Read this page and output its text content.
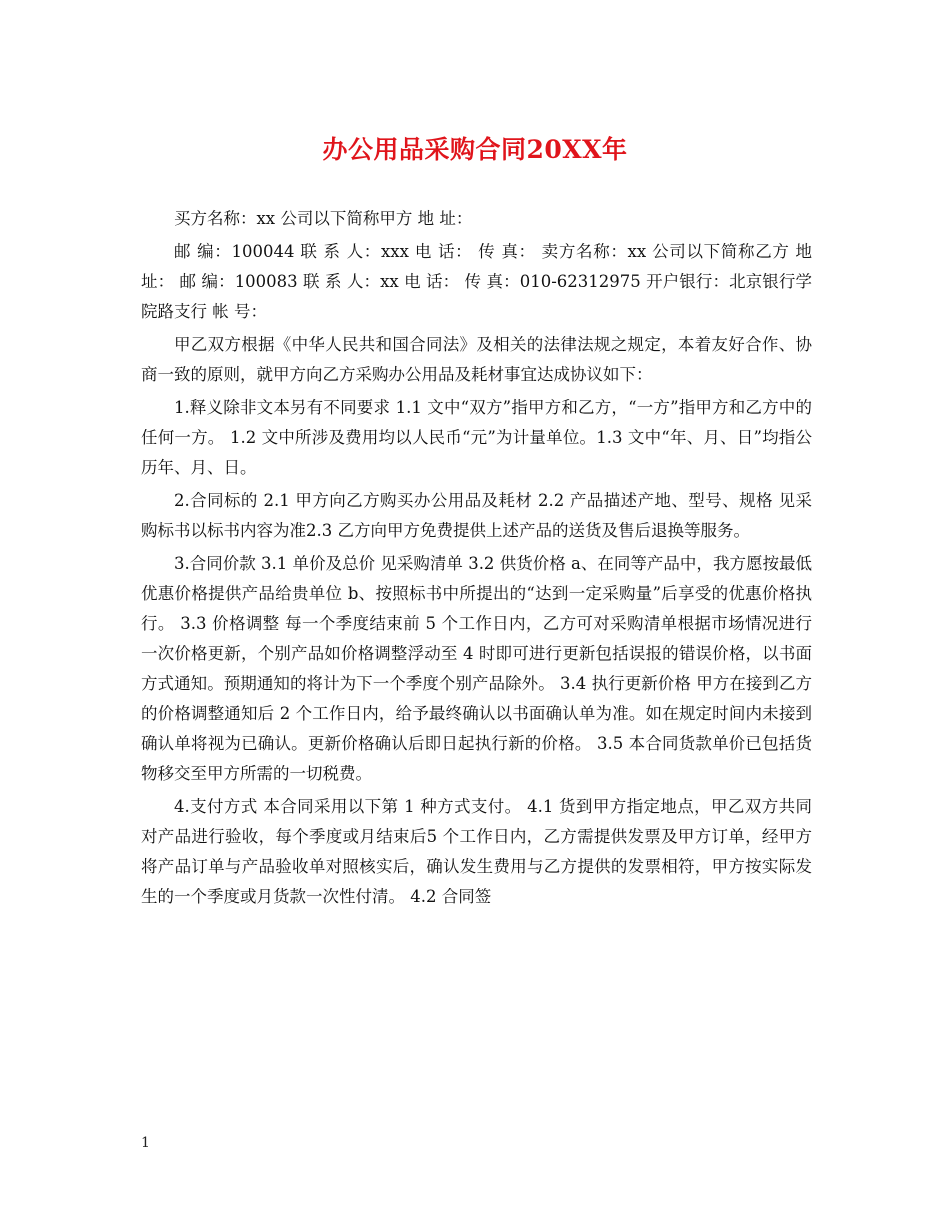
办公用品采购合同20XX年

买方名称：xx 公司以下简称甲方 地 址：

邮 编：100044 联 系 人：xxx 电 话： 传 真： 卖方名称：xx 公司以下简称乙方 地 址： 邮 编：100083 联 系 人：xx 电 话： 传 真：010-62312975 开户银行：北京银行学院路支行 帐 号：

甲乙双方根据《中华人民共和国合同法》及相关的法律法规之规定，本着友好合作、协商一致的原则，就甲方向乙方采购办公用品及耗材事宜达成协议如下：

1.释义除非文本另有不同要求 1.1 文中“双方”指甲方和乙方，“一方”指甲方和乙方中的任何一方。 1.2 文中所涉及费用均以人民币“元”为计量单位。1.3 文中“年、月、日”均指公历年、月、日。

2.合同标的 2.1 甲方向乙方购买办公用品及耗材 2.2 产品描述产地、型号、规格 见采购标书以标书内容为准2.3 乙方向甲方免费提供上述产品的送货及售后退换等服务。

3.合同价款 3.1 单价及总价 见采购清单 3.2 供货价格 a、在同等产品中，我方愿按最低优惠价格提供产品给贵单位 b、按照标书中所提出的“达到一定采购量”后享受的优惠价格执行。 3.3 价格调整 每一个季度结束前 5 个工作日内，乙方可对采购清单根据市场情况进行一次价格更新，个别产品如价格调整浮动至 4 时即可进行更新包括误报的错误价格，以书面方式通知。预期通知的将计为下一个季度个别产品除外。 3.4 执行更新价格 甲方在接到乙方的价格调整通知后 2 个工作日内，给予最终确认以书面确认单为准。如在规定时间内未接到确认单将视为已确认。更新价格确认后即日起执行新的价格。 3.5 本合同货款单价已包括货物移交至甲方所需的一切税费。

4.支付方式 本合同采用以下第 1 种方式支付。 4.1 货到甲方指定地点，甲乙双方共同对产品进行验收，每个季度或月结束后5 个工作日内，乙方需提供发票及甲方订单，经甲方将产品订单与产品验收单对照核实后，确认发生费用与乙方提供的发票相符，甲方按实际发生的一个季度或月货款一次性付清。 4.2 合同签

1
